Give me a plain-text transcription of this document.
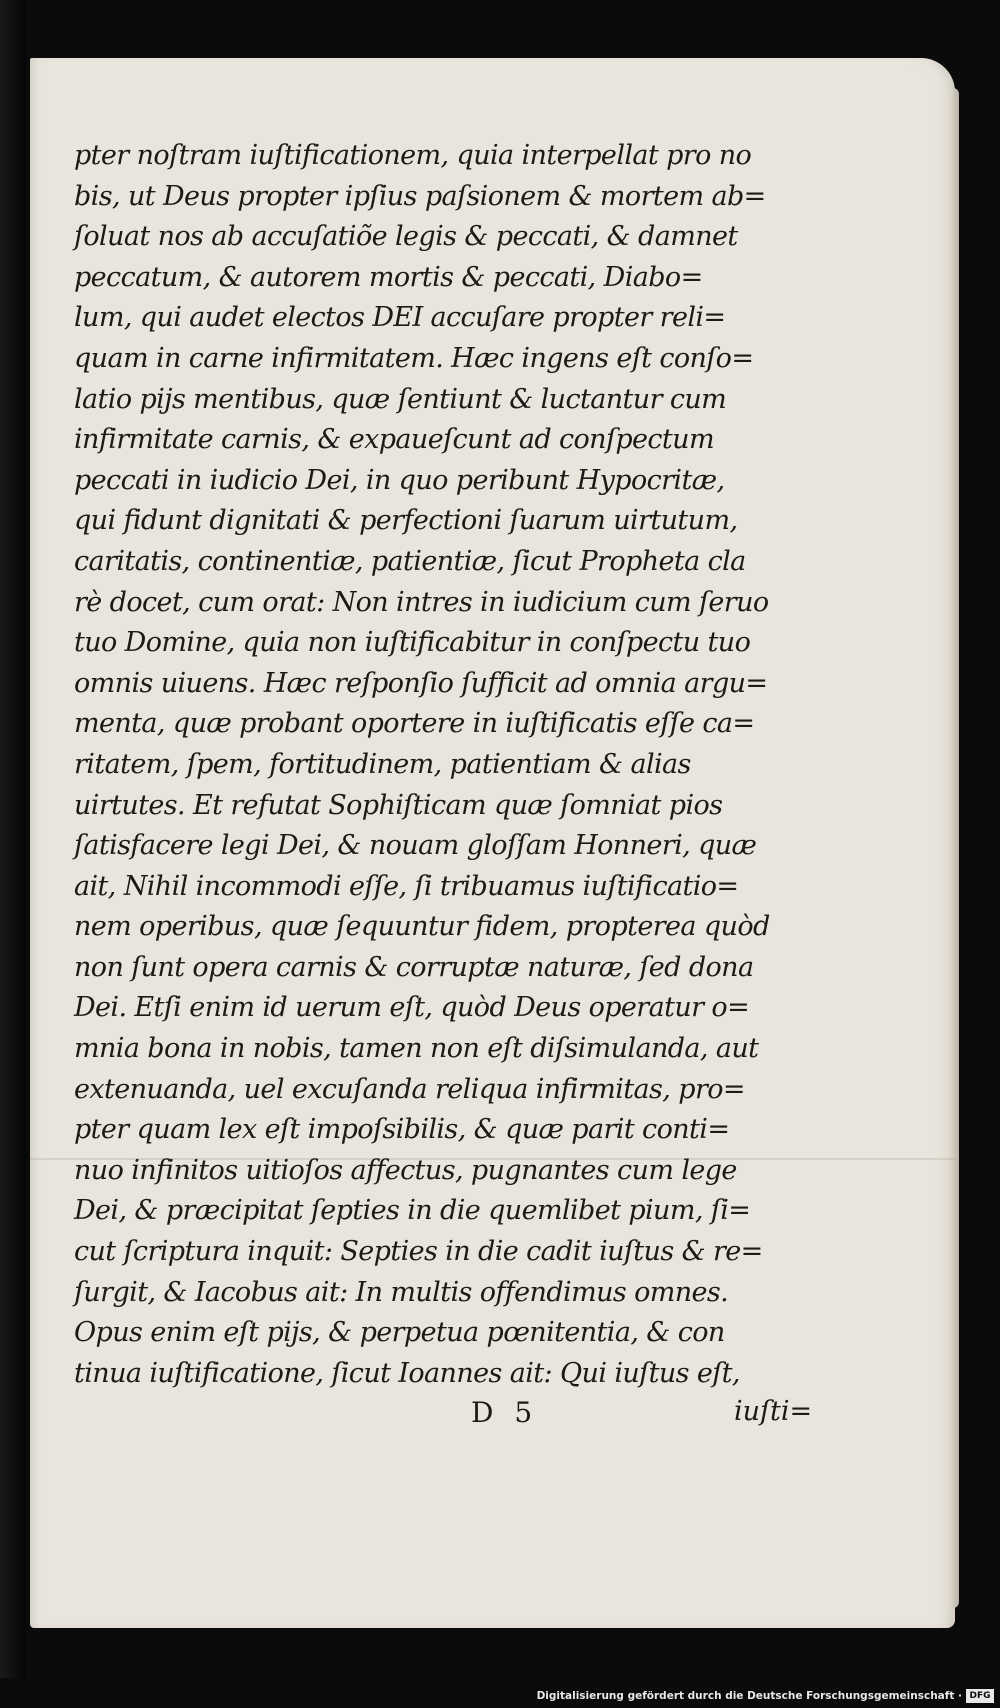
pter noſtram iuſtificationem, quia interpellat pro no
bis, ut Deus propter ipſius paſsionem & mortem ab=
ſoluat nos ab accuſatiõe legis & peccati, & damnet
peccatum, & autorem mortis & peccati, Diabo=
lum, qui audet electos DEI accuſare propter reli=
quam in carne infirmitatem. Hæc ingens eſt conſo=
latio pijs mentibus, quæ ſentiunt & luctantur cum
infirmitate carnis, & expaueſcunt ad conſpectum
peccati in iudicio Dei, in quo peribunt Hypocritæ,
qui fidunt dignitati & perfectioni ſuarum uirtutum,
caritatis, continentiæ, patientiæ, ſicut Propheta cla
rè docet, cum orat: Non intres in iudicium cum ſeruo
tuo Domine, quia non iuſtificabitur in conſpectu tuo
omnis uiuens. Hæc reſponſio ſufficit ad omnia argu=
menta, quæ probant oportere in iuſtificatis eſſe ca=
ritatem, ſpem, fortitudinem, patientiam & alias
uirtutes. Et refutat Sophiſticam quæ ſomniat pios
ſatisfacere legi Dei, & nouam gloſſam Honneri, quæ
ait, Nihil incommodi eſſe, ſi tribuamus iuſtificatio=
nem operibus, quæ ſequuntur fidem, propterea quòd
non ſunt opera carnis & corruptæ naturæ, ſed dona
Dei. Etſi enim id uerum eſt, quòd Deus operatur o=
mnia bona in nobis, tamen non eſt diſsimulanda, aut
extenuanda, uel excuſanda reliqua infirmitas, pro=
pter quam lex eſt impoſsibilis, & quæ parit conti=
nuo infinitos uitioſos affectus, pugnantes cum lege
Dei, & præcipitat ſepties in die quemlibet pium, ſi=
cut ſcriptura inquit: Septies in die cadit iuſtus & re=
ſurgit, & Iacobus ait: In multis offendimus omnes.
Opus enim eſt pijs, & perpetua pœnitentia, & con
tinua iuſtificatione, ſicut Ioannes ait: Qui iuſtus eſt,
D 5	iuſti=
Digitalisierung gefördert durch die Deutsche Forschungsgemeinschaft · DFG
